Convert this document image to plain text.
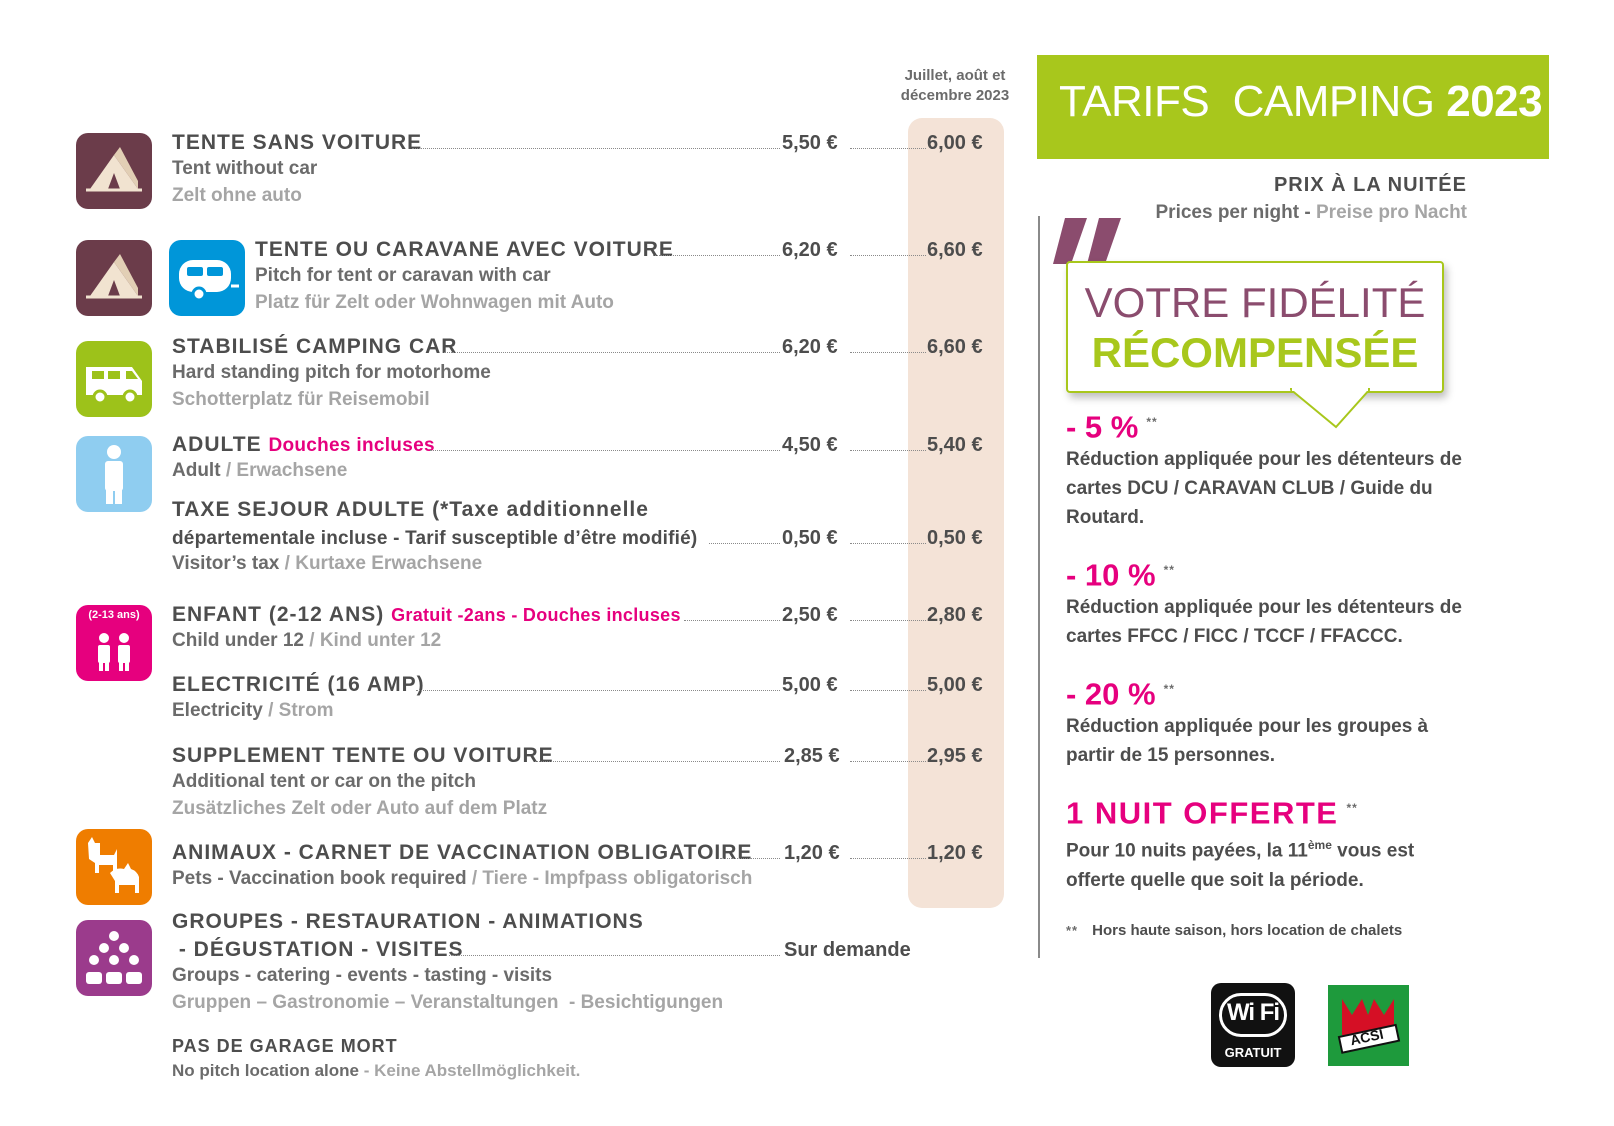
Juillet, août et
décembre 2023
(2-13 ans)
TENTE SANS VOITURE	5,50 €	6,00 €
Tent without car
Zelt ohne auto
TENTE OU CARAVANE AVEC VOITURE	6,20 €	6,60 €
Pitch for tent or caravan with car
Platz für Zelt oder Wohnwagen mit Auto
STABILISÉ CAMPING CAR	6,20 €	6,60 €
Hard standing pitch for motorhome
Schotterplatz für Reisemobil
ADULTE Douches incluses	4,50 €	5,40 €
Adult / Erwachsene
TAXE SEJOUR ADULTE (*Taxe additionnelle
départementale incluse - Tarif susceptible d’être modifié)	0,50 €	0,50 €
Visitor’s tax / Kurtaxe Erwachsene
ENFANT (2-12 ANS) Gratuit -2ans - Douches incluses	2,50 €	2,80 €
Child under 12 / Kind unter 12
ELECTRICITÉ (16 AMP)	5,00 €	5,00 €
Electricity / Strom
SUPPLEMENT TENTE OU VOITURE	2,85 €	2,95 €
Additional tent or car on the pitch
Zusätzliches Zelt oder Auto auf dem Platz
ANIMAUX - CARNET DE VACCINATION OBLIGATOIRE 1,20 €	1,20 €
Pets - Vaccination book required / Tiere - Impfpass obligatorisch
GROUPES - RESTAURATION - ANIMATIONS
- DÉGUSTATION - VISITES	Sur demande
Groups - catering - events - tasting - visits
Gruppen – Gastronomie – Veranstaltungen  - Besichtigungen
PAS DE GARAGE MORT
No pitch location alone - Keine Abstellmöglichkeit.
TARIFS  CAMPING 2023
PRIX À LA NUITÉE
Prices per night - Preise pro Nacht
VOTRE FIDÉLITÉ
RÉCOMPENSÉE
- 5 % **
Réduction appliquée pour les détenteurs de cartes DCU / CARAVAN CLUB / Guide du Routard.
- 10 % **
Réduction appliquée pour les détenteurs de cartes FFCC / FICC / TCCF / FFACCC.
- 20 % **
Réduction appliquée pour les groupes à partir de 15 personnes.
1 NUIT OFFERTE **
Pour 10 nuits payées, la 11ème vous est offerte quelle que soit la période.
** Hors haute saison, hors location de chalets
Wi Fi
GRATUIT
ACSI
